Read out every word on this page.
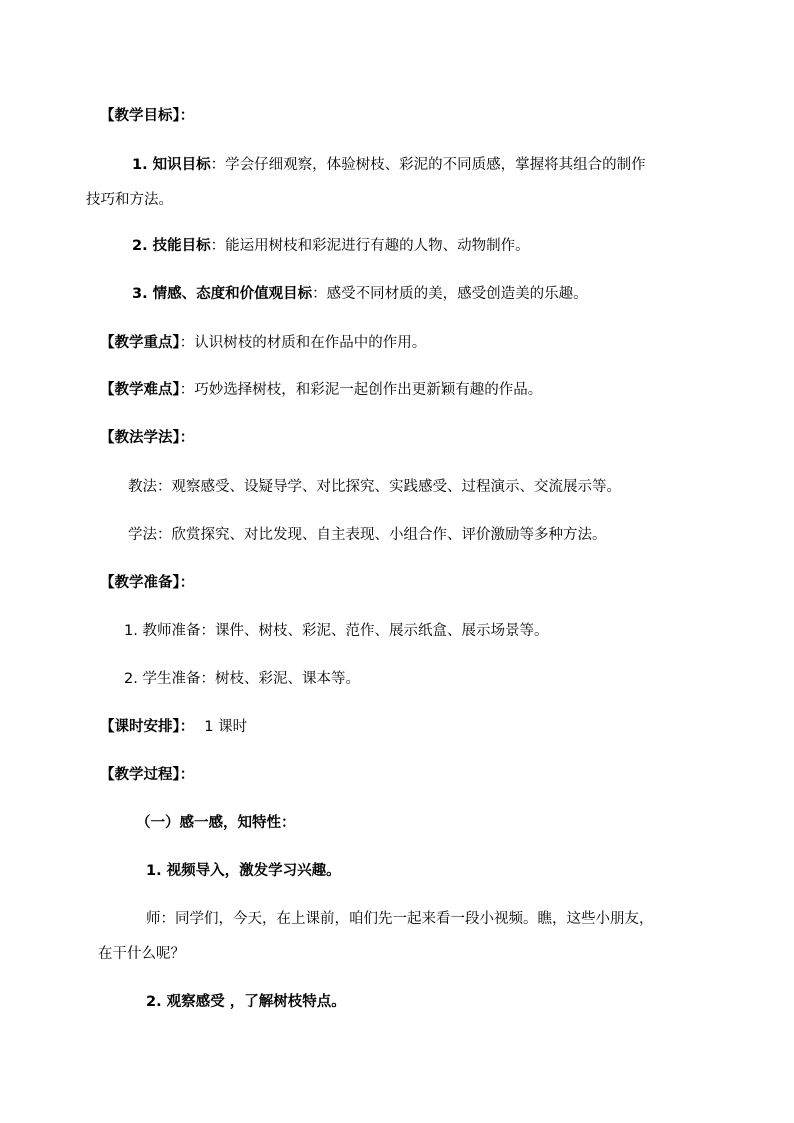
【教学目标】：
1. 知识目标：学会仔细观察，体验树枝、彩泥的不同质感，掌握将其组合的制作
技巧和方法。
2. 技能目标：能运用树枝和彩泥进行有趣的人物、动物制作。
3. 情感、态度和价值观目标：感受不同材质的美，感受创造美的乐趣。
【教学重点】：认识树枝的材质和在作品中的作用。
【教学难点】：巧妙选择树枝，和彩泥一起创作出更新颖有趣的作品。
【教法学法】：
教法：观察感受、设疑导学、对比探究、实践感受、过程演示、交流展示等。
学法：欣赏探究、对比发现、自主表现、小组合作、评价激励等多种方法。
【教学准备】：
1. 教师准备：课件、树枝、彩泥、范作、展示纸盒、展示场景等。
2. 学生准备：树枝、彩泥、课本等。
【课时安排】： 1 课时
【教学过程】：
（一）感一感，知特性：
1. 视频导入，激发学习兴趣。
师：同学们，今天，在上课前，咱们先一起来看一段小视频。瞧，这些小朋友，
在干什么呢？
2. 观察感受 ，了解树枝特点。
